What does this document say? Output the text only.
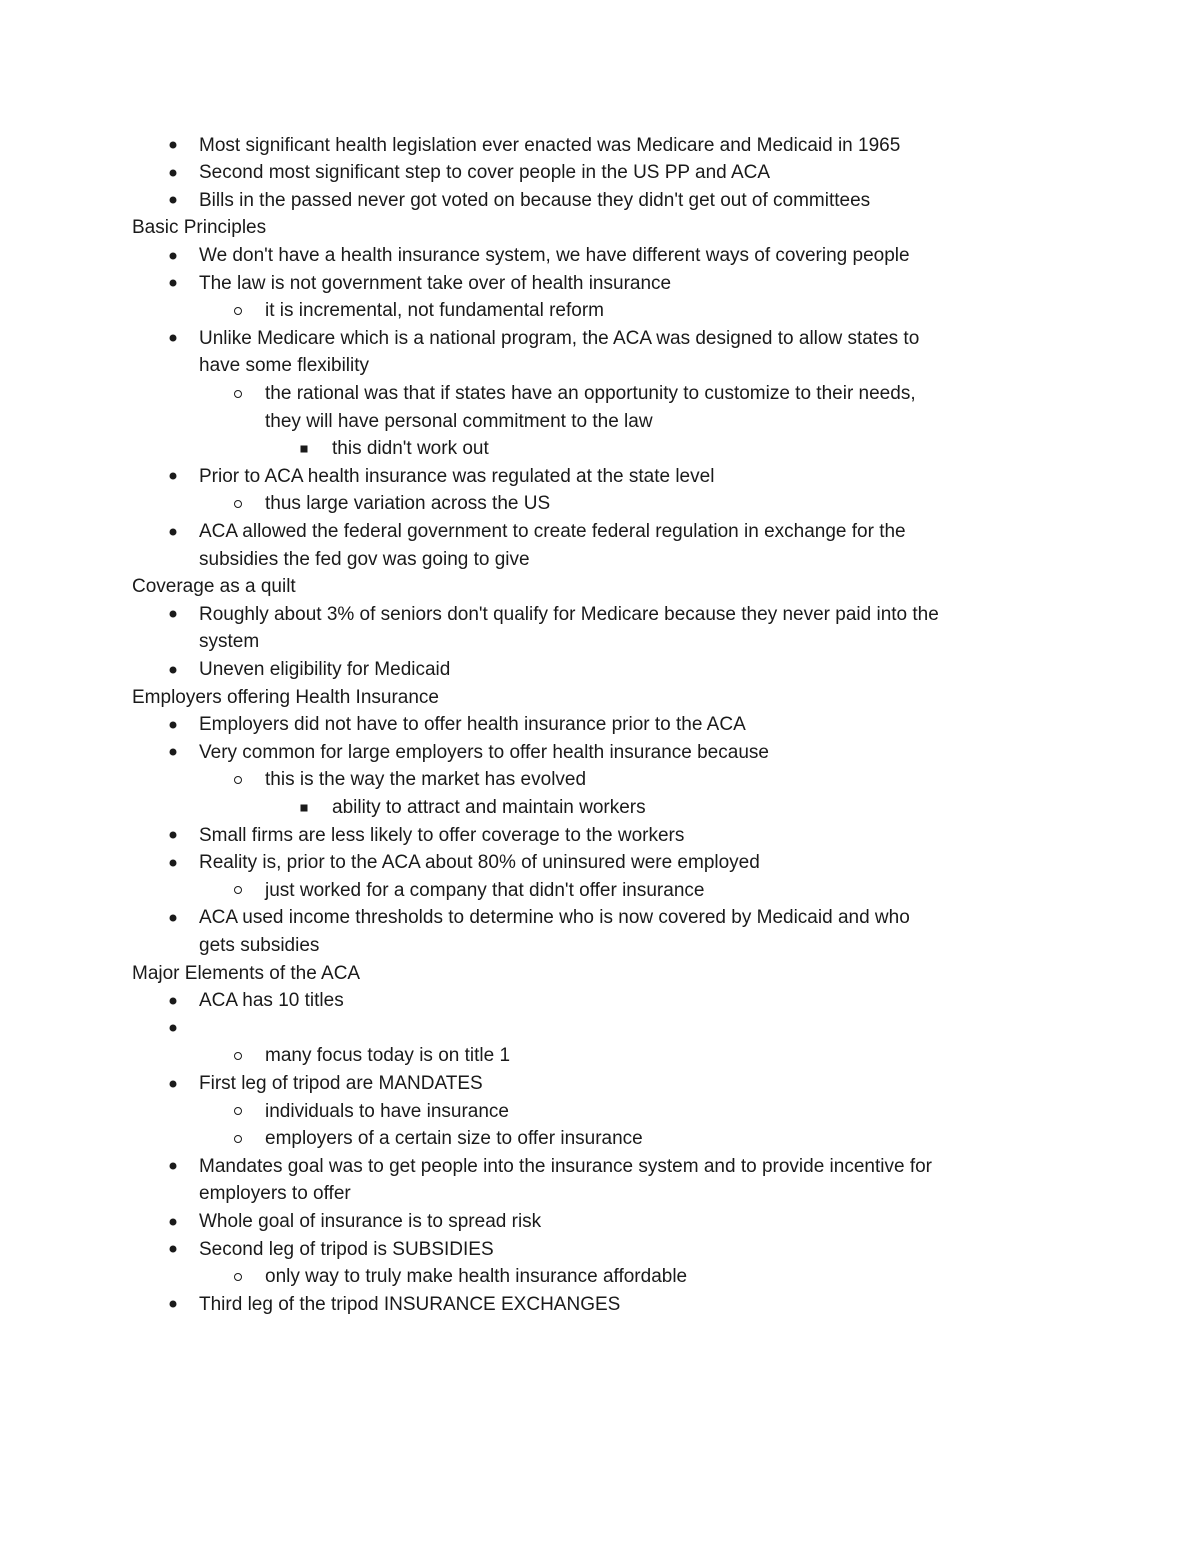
Most significant health legislation ever enacted was Medicare and Medicaid in 1965
Second most significant step to cover people in the US PP and ACA
Bills in the passed never got voted on because they didn't get out of committees
Basic Principles
We don't have a health insurance system, we have different ways of covering people
The law is not government take over of health insurance
it is incremental, not fundamental reform
Unlike Medicare which is a national program, the ACA was designed to allow states to
have some flexibility
the rational was that if states have an opportunity to customize to their needs,
they will have personal commitment to the law
this didn't work out
Prior to ACA health insurance was regulated at the state level
thus large variation across the US
ACA allowed the federal government to create federal regulation in exchange for the
subsidies the fed gov was going to give
Coverage as a quilt
Roughly about 3% of seniors don't qualify for Medicare because they never paid into the
system
Uneven eligibility for Medicaid
Employers offering Health Insurance
Employers did not have to offer health insurance prior to the ACA
Very common for large employers to offer health insurance because
this is the way the market has evolved
ability to attract and maintain workers
Small firms are less likely to offer coverage to the workers
Reality is, prior to the ACA about 80% of uninsured were employed
just worked for a company that didn't offer insurance
ACA used income thresholds to determine who is now covered by Medicaid and who
gets subsidies
Major Elements of the ACA
ACA has 10 titles
many focus today is on title 1
First leg of tripod are MANDATES
individuals to have insurance
employers of a certain size to offer insurance
Mandates goal was to get people into the insurance system and to provide incentive for
employers to offer
Whole goal of insurance is to spread risk
Second leg of tripod is SUBSIDIES
only way to truly make health insurance affordable
Third leg of the tripod INSURANCE EXCHANGES
